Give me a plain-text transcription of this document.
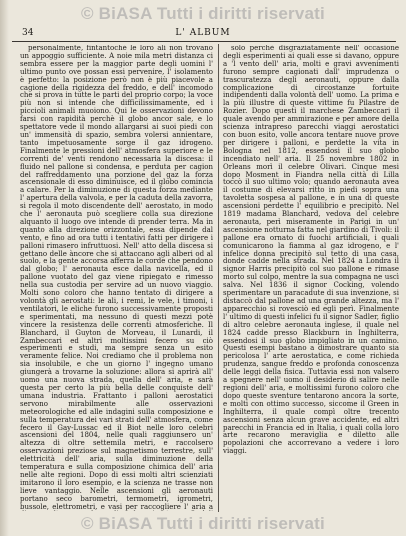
© BiASA Tutti i diritti riservati
34	L' ALBUM

personalmente, fintantochè le loro ali non trovano un appoggio sufficiente. A noie mila metri distanza ci sembra essere per la maggior parte degli uomini l' ultimo punto ove possan essi pervenire, l' isolamento è perfetto: la posizione però non è più piacevole a cagione della rigidezza del freddo, e dell' incomodo che si prova in tutte le parti del proprio corpo; la voce più non si intende che difficilissimamente, ed i piccioli animali muoiono. Qui le osservazioni devono farsi con rapidità perchè il globo ancor sale, e lo spettatore vede il mondo allargarsi ai suoi piedi con un' immensità di spazio, sembra volersi annientare, tanto impetuosamente sorge il gaz idrogeno. Finalmente le pressioni dell' atmosfera superiore e le correnti de' venti rendono necessaria la discesa: il fluido nel pallone si condensa, e perduta per cagion del raffreddamento una porzione del gaz la forza ascensionale di esso diminuisce, ed il globo comincia a calare. Per la diminuzione di questa forza mediante l' apertura della valvola, e per la caduta della zavorra, si regola il moto discendente dell' aerostato, in modo che l' aeronauta può scegliere colla sua direzione alquanto il luogo ove intende di prender terra. Ma in quanto alla direzione orizzontale, essa dipende dal vento, e fino ad ora tutti i tentativi fatti per dirigere i palloni rimasero infruttuosi. Nell' atto della discesa si gettano delle àncore che si attaccano agli alberi od al suolo, e la gente accorsa afferra le corde che pendono dal globo; l' aeronauta esce dalla navicella, ed il pallone vuotato del gaz viene ripiegato e rimesso nella sua custodia per servire ad un nuovo viaggio. Molti sono coloro che hanno tentato di dirigere a volontà gli aerostati: le ali, i remi, le vele, i timoni, i ventilatori, le eliche furono successivamente proposti e sperimentati, ma nessuno di questi mezzi potè vincere la resistenza delle correnti atmosferiche. Il Blanchard, il Guyton de Morveau, il Lunardi, il Zambeccari ed altri moltissimi fecero su ciò esperimenti e studi, ma sempre senza un esito veramente felice. Noi crediamo che il problema non sia insolubile, e che un giorno l' ingegno umano giungerà a trovarne la soluzione: allora si aprirà all' uomo una nuova strada, quella dell' aria, e sarà questa per certo la più bella delle conquiste dell' umana industria. Frattanto i palloni aerostatici servono mirabilmente alle osservazioni meteorologiche ed alle indagini sulla composizione e sulla temperatura dei vari strati dell' atmosfera, come fecero il Gay-Lussac ed il Biot nelle loro celebri ascensioni del 1804, nelle quali raggiunsero un' altezza di oltre settemila metri, e raccolsero osservazioni preziose sul magnetismo terrestre, sull' elettricità dell' aria, sulla diminuzione della temperatura e sulla composizione chimica dell' aria nelle alte regioni. Dopo di essi molti altri scienziati imitarono il loro esempio, e la scienza ne trasse non lieve vantaggio. Nelle ascensioni gli aeronauti portano seco barometri, termometri, igrometri, bussole, elettrometri, e vasi per raccogliere l' aria a

solo perchè disgraziatamente nell' occasione degli esperimenti ai quali esse si davano, oppure a 'l vento dell' aria, molti e gravi avvenimenti furono sempre cagionati dall' imprudenza o trascuratezza degli aeronauti, oppure dalla complicazione di circostanze fortuite indipendenti dalla volontà dell' uomo. La prima e la più illustre di queste vittime fu Pilastre de Rozier. Dopo questi il marchese Zambeccari il quale avendo per ammirazione e per amore della scienza intrapreso parecchi viaggi aerostatici con buon esito, volle ancora tentare nuove prove per dirigere i palloni, e perdette la vita in Bologna nel 1812, essendosi il suo globo incendiato nell' aria. Il 25 novembre 1802 in Orleans morì il celebre Olivari. Cinque mesi dopo Mosment in Fiandra nella città di Lilla toccò il suo ultimo volo; quando aeronauta avea il costume di elevarsi ritto in piedi sopra una tavoletta sospesa al pallone, e in una di queste ascensioni perdette l' equilibrio e precipitò. Nel 1819 madama Blanchard, vedova del celebre aeronauta, perì miseramente in Parigi in un' ascensione notturna fatta nel giardino di Tivoli: il pallone era ornato di fuochi artificiali, i quali comunicarono la fiamma al gaz idrogeno, e l' infelice donna precipitò sul tetto di una casa, donde cadde nella strada. Nel 1824 a Londra il signor Harris precipitò col suo pallone e rimase morto sul colpo, mentre la sua compagna ne uscì salva. Nel 1836 il signor Cocking, volendo sperimentare un paracadute di sua invenzione, si distaccò dal pallone ad una grande altezza, ma l' apparecchio si rovesciò ed egli perì. Finalmente l' ultimo di questi infelici fu il signor Sadler, figlio di altro celebre aeronauta inglese, il quale nel 1824 cadde presso Blackburn in Inghilterra, essendosi il suo globo impigliato in un camino. Questi esempi bastano a dimostrare quanto sia pericolosa l' arte aerostatica, e come richieda prudenza, sangue freddo e profonda conoscenza delle leggi della fisica. Tuttavia essi non valsero a spegnere nell' uomo il desiderio di salire nelle regioni dell' aria, e moltissimi furono coloro che dopo queste sventure tentarono ancora la sorte, e molti con ottimo successo, siccome il Green in Inghilterra, il quale compì oltre trecento ascensioni senza alcun grave accidente, ed altri parecchi in Francia ed in Italia, i quali colla loro arte recarono meraviglia e diletto alle popolazioni che accorrevano a vedere i loro viaggi.

© BiASA Tutti i diritti riservati
